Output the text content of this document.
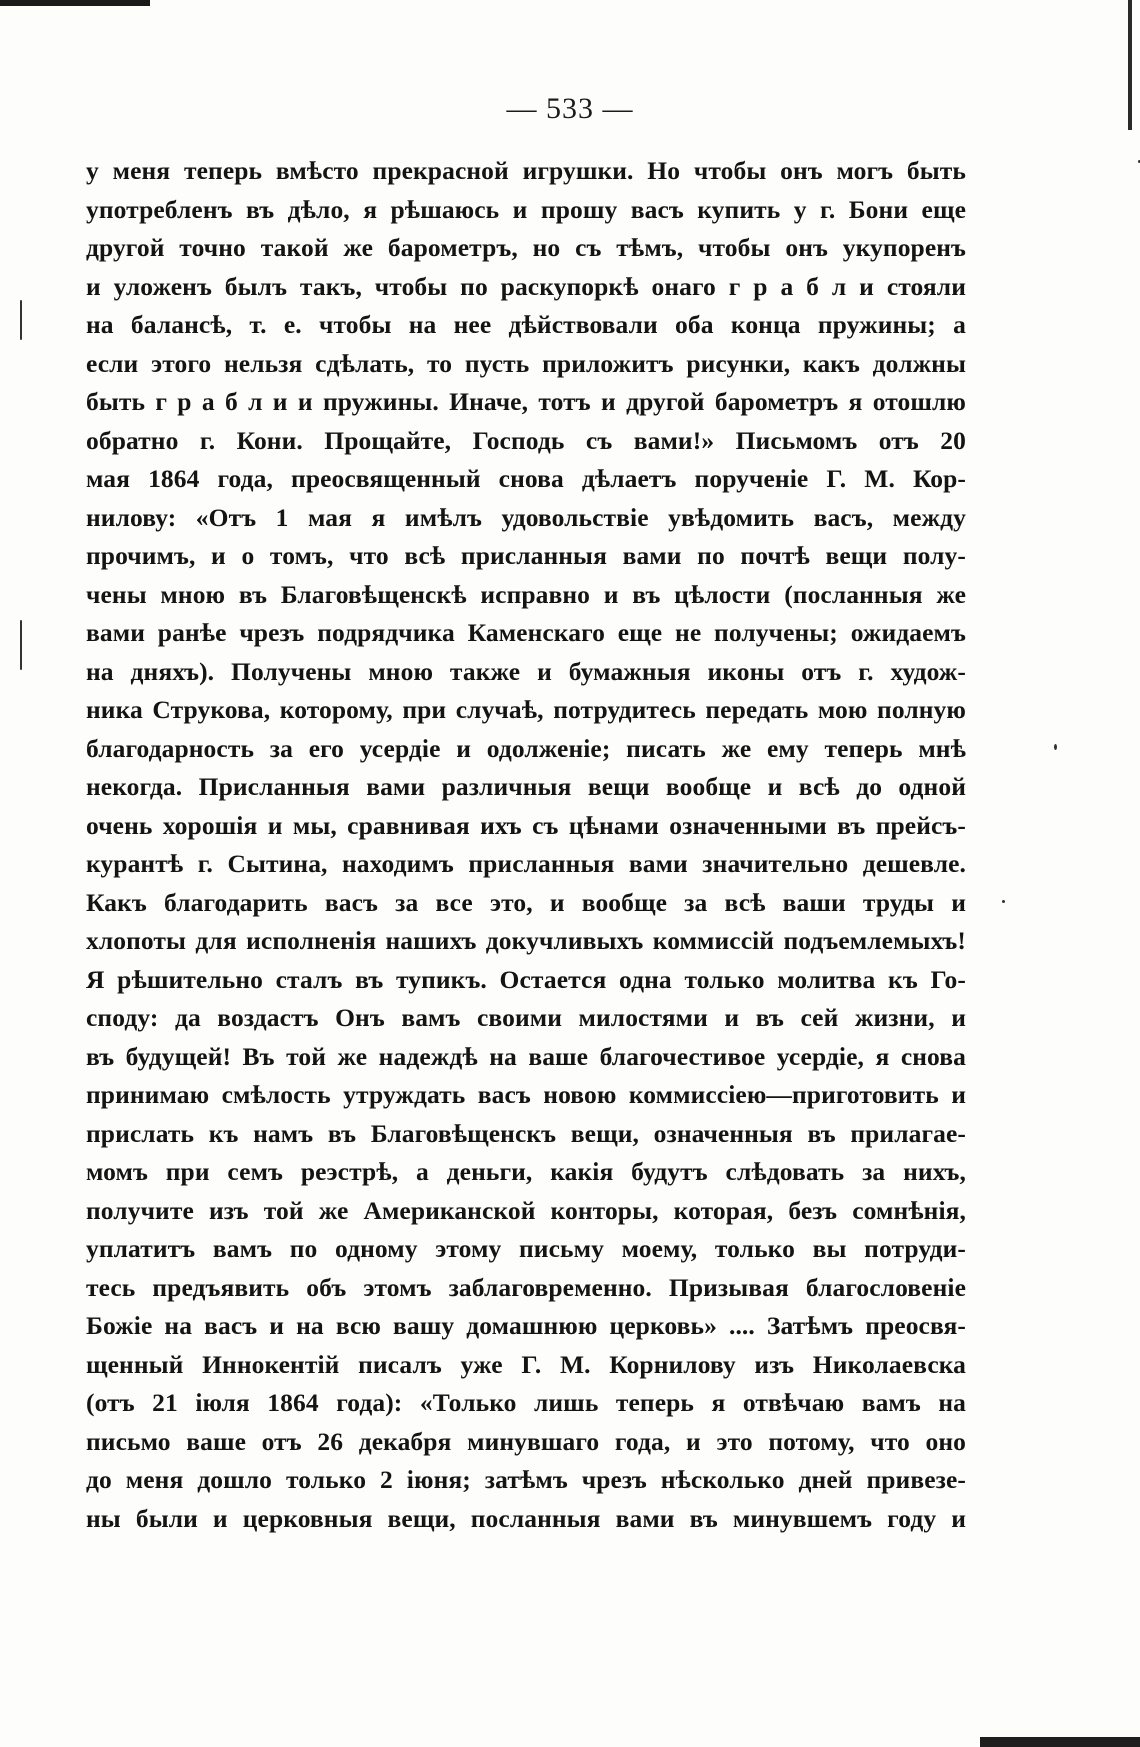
— 533 —
у меня теперь вмѣсто прекрасной игрушки. Но чтобы онъ могъ быть
употребленъ въ дѣло, я рѣшаюсь и прошу васъ купить у г. Бони еще
другой точно такой же барометръ, но съ тѣмъ, чтобы онъ укупоренъ
и уложенъ былъ такъ, чтобы по раскупоркѣ онаго г р а б л и стояли
на балансѣ, т. е. чтобы на нее дѣйствовали оба конца пружины; а
если этого нельзя сдѣлать, то пусть приложитъ рисунки, какъ должны
быть г р а б л и и пружины. Иначе, тотъ и другой барометръ я отошлю
обратно г. Кони. Прощайте, Господь съ вами!» Письмомъ отъ 20
мая 1864 года, преосвященный снова дѣлаетъ порученіе Г. М. Кор-
нилову: «Отъ 1 мая я имѣлъ удовольствіе увѣдомить васъ, между
прочимъ, и о томъ, что всѣ присланныя вами по почтѣ вещи полу-
чены мною въ Благовѣщенскѣ исправно и въ цѣлости (посланныя же
вами ранѣе чрезъ подрядчика Каменскаго еще не получены; ожидаемъ
на дняхъ). Получены мною также и бумажныя иконы отъ г. худож-
ника Струкова, которому, при случаѣ, потрудитесь передать мою полную
благодарность за его усердіе и одолженіе; писать же ему теперь мнѣ
некогда. Присланныя вами различныя вещи вообще и всѣ до одной
очень хорошія и мы, сравнивая ихъ съ цѣнами означенными въ прейсъ-
курантѣ г. Сытина, находимъ присланныя вами значительно дешевле.
Какъ благодарить васъ за все это, и вообще за всѣ ваши труды и
хлопоты для исполненія нашихъ докучливыхъ коммиссій подъемлемыхъ!
Я рѣшительно сталъ въ тупикъ. Остается одна только молитва къ Го-
споду: да воздастъ Онъ вамъ своими милостями и въ сей жизни, и
въ будущей! Въ той же надеждѣ на ваше благочестивое усердіе, я снова
принимаю смѣлость утруждать васъ новою коммиссіею—приготовить и
прислать къ намъ въ Благовѣщенскъ вещи, означенныя въ прилагае-
момъ при семъ реэстрѣ, а деньги, какія будутъ слѣдовать за нихъ,
получите изъ той же Американской конторы, которая, безъ сомнѣнія,
уплатитъ вамъ по одному этому письму моему, только вы потруди-
тесь предъявить объ этомъ заблаговременно. Призывая благословеніе
Божіе на васъ и на всю вашу домашнюю церковь» .... Затѣмъ преосвя-
щенный Иннокентій писалъ уже Г. М. Корнилову изъ Николаевска
(отъ 21 іюля 1864 года): «Только лишь теперь я отвѣчаю вамъ на
письмо ваше отъ 26 декабря минувшаго года, и это потому, что оно
до меня дошло только 2 іюня; затѣмъ чрезъ нѣсколько дней привезе-
ны были и церковныя вещи, посланныя вами въ минувшемъ году и
